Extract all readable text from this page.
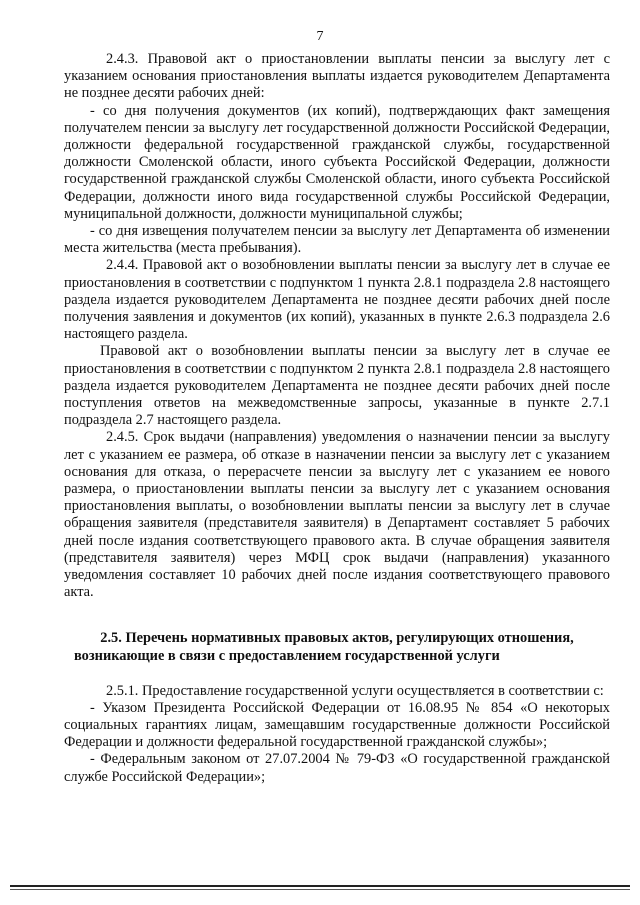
7

2.4.3. Правовой акт о приостановлении выплаты пенсии за выслугу лет с указанием основания приостановления выплаты издается руководителем Департамента не позднее десяти рабочих дней:

- со дня получения документов (их копий), подтверждающих факт замещения получателем пенсии за выслугу лет государственной должности Российской Федерации, должности федеральной государственной гражданской службы, государственной должности Смоленской области, иного субъекта Российской Федерации, должности государственной гражданской службы Смоленской области, иного субъекта Российской Федерации, должности иного вида государственной службы Российской Федерации, муниципальной должности, должности муниципальной службы;

- со дня извещения получателем пенсии за выслугу лет Департамента об изменении места жительства (места пребывания).

2.4.4. Правовой акт о возобновлении выплаты пенсии за выслугу лет в случае ее приостановления в соответствии с подпунктом 1 пункта 2.8.1 подраздела 2.8 настоящего раздела издается руководителем Департамента не позднее десяти рабочих дней после получения заявления и документов (их копий), указанных в пункте 2.6.3 подраздела 2.6 настоящего раздела.

Правовой акт о возобновлении выплаты пенсии за выслугу лет в случае ее приостановления в соответствии с подпунктом 2 пункта 2.8.1 подраздела 2.8 настоящего раздела издается руководителем Департамента не позднее десяти рабочих дней после поступления ответов на межведомственные запросы, указанные в пункте 2.7.1 подраздела 2.7 настоящего раздела.

2.4.5. Срок выдачи (направления) уведомления о назначении пенсии за выслугу лет с указанием ее размера, об отказе в назначении пенсии за выслугу лет с указанием основания для отказа, о перерасчете пенсии за выслугу лет с указанием ее нового размера, о приостановлении выплаты пенсии за выслугу лет с указанием основания приостановления выплаты, о возобновлении выплаты пенсии за выслугу лет в случае обращения заявителя (представителя заявителя) в Департамент составляет 5 рабочих дней после издания соответствующего правового акта. В случае обращения заявителя (представителя заявителя) через МФЦ срок выдачи (направления) указанного уведомления составляет 10 рабочих дней после издания соответствующего правового акта.

2.5. Перечень нормативных правовых актов, регулирующих отношения, возникающие в связи с предоставлением государственной услуги

2.5.1. Предоставление государственной услуги осуществляется в соответствии с:

- Указом Президента Российской Федерации от 16.08.95 № 854 «О некоторых социальных гарантиях лицам, замещавшим государственные должности Российской Федерации и должности федеральной государственной гражданской службы»;

- Федеральным законом от 27.07.2004 № 79-ФЗ «О государственной гражданской службе Российской Федерации»;
